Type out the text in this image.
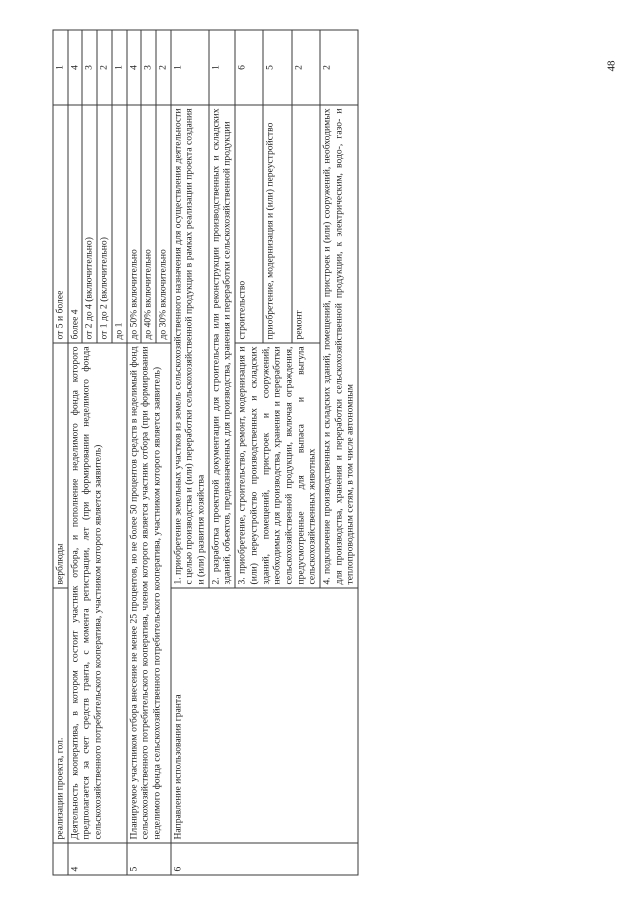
48
	реализации проекта, гол.	верблюды	от 5 и более	1
4	Деятельность кооператива, в котором состоит участник отбора, и пополнение неделимого фонда которого предполагается за счет средств гранта, с момента регистрации, лет (при формировании неделимого фонда сельскохозяйственного потребительского кооператива, участником которого является заявитель)		более 4	4
			от 2 до 4 (включительно)	3
			от 1 до 2 (включительно)	2
			до 1	1
5	Планируемое участником отбора внесение не менее 25 процентов, но не более 50 процентов средств в неделимый фонд сельскохозяйственного потребительского кооператива, членом которого является участник отбора (при формировании неделимого фонда сельскохозяйственного потребительского кооператива, участником которого является заявитель)		до 50% включительно	4
			до 40% включительно	3
			до 30% включительно	2
6	Направление использования гранта	1. приобретение земельных участков из земель сельскохозяйственного назначения для осуществления деятельности с целью производства и (или) переработки сельскохозяйственной продукции в рамках реализации проекта создания и (или) развития хозяйства		1
		2. разработка проектной документации для строительства или реконструкции производственных и складских зданий, объектов, предназначенных для производства, хранения и переработки сельскохозяйственной продукции		1
		3. приобретение, строительство, ремонт, модернизация и (или) переустройство производственных и складских зданий, помещений, пристроек и сооружений, необходимых для производства, хранения и переработки сельскохозяйственной продукции, включая ограждения, предусмотренные для выпаса и выгула сельскохозяйственных животных	строительство	6
			приобретение, модернизация и (или) переустройство	5
			ремонт	2
		4. подключение производственных и складских зданий, помещений, пристроек и (или) сооружений, необходимых для производства, хранения и переработки сельскохозяйственной продукции, к электрическим, водо-, газо- и теплопроводным сетям, в том числе автономным		2
